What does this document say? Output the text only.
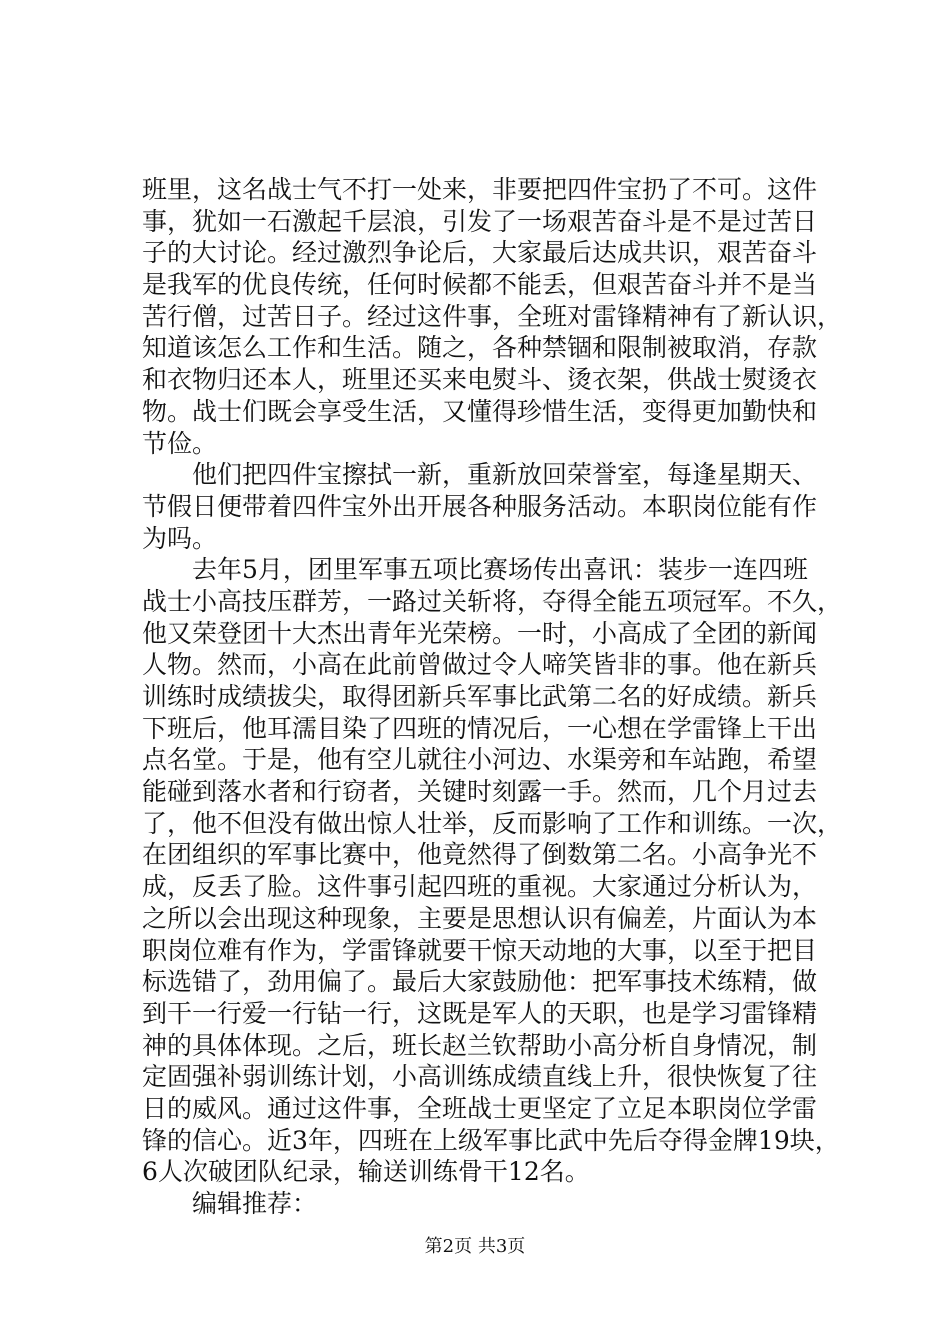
班里，这名战士气不打一处来，非要把四件宝扔了不可。这件
事，犹如一石激起千层浪，引发了一场艰苦奋斗是不是过苦日
子的大讨论。经过激烈争论后，大家最后达成共识，艰苦奋斗
是我军的优良传统，任何时候都不能丢，但艰苦奋斗并不是当
苦行僧，过苦日子。经过这件事，全班对雷锋精神有了新认识，
知道该怎么工作和生活。随之，各种禁锢和限制被取消，存款
和衣物归还本人，班里还买来电熨斗、烫衣架，供战士熨烫衣
物。战士们既会享受生活，又懂得珍惜生活，变得更加勤快和
节俭。
　　他们把四件宝擦拭一新，重新放回荣誉室，每逢星期天、
节假日便带着四件宝外出开展各种服务活动。本职岗位能有作
为吗。
　　去年5月，团里军事五项比赛场传出喜讯：装步一连四班
战士小高技压群芳，一路过关斩将，夺得全能五项冠军。不久，
他又荣登团十大杰出青年光荣榜。一时，小高成了全团的新闻
人物。然而，小高在此前曾做过令人啼笑皆非的事。他在新兵
训练时成绩拔尖，取得团新兵军事比武第二名的好成绩。新兵
下班后，他耳濡目染了四班的情况后，一心想在学雷锋上干出
点名堂。于是，他有空儿就往小河边、水渠旁和车站跑，希望
能碰到落水者和行窃者，关键时刻露一手。然而，几个月过去
了，他不但没有做出惊人壮举，反而影响了工作和训练。一次，
在团组织的军事比赛中，他竟然得了倒数第二名。小高争光不
成，反丢了脸。这件事引起四班的重视。大家通过分析认为，
之所以会出现这种现象，主要是思想认识有偏差，片面认为本
职岗位难有作为，学雷锋就要干惊天动地的大事，以至于把目
标选错了，劲用偏了。最后大家鼓励他：把军事技术练精，做
到干一行爱一行钻一行，这既是军人的天职，也是学习雷锋精
神的具体体现。之后，班长赵兰钦帮助小高分析自身情况，制
定固强补弱训练计划，小高训练成绩直线上升，很快恢复了往
日的威风。通过这件事，全班战士更坚定了立足本职岗位学雷
锋的信心。近3年，四班在上级军事比武中先后夺得金牌19块，
6人次破团队纪录，输送训练骨干12名。
　　编辑推荐：
第2页 共3页
